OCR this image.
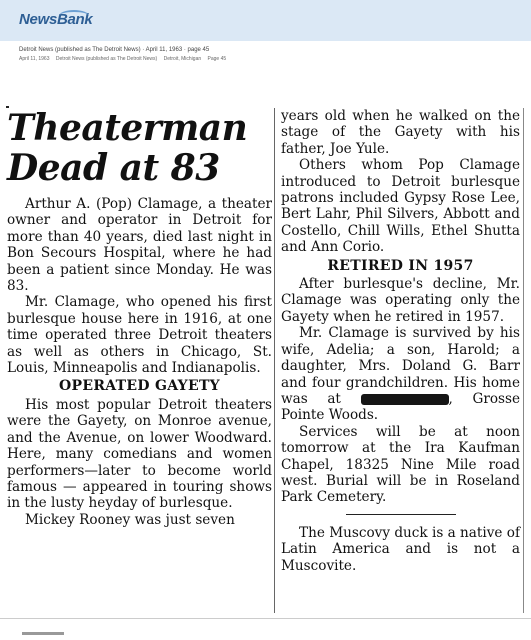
NewsBank
Detroit News (published as The Detroit News) · April 11, 1963 · page 45
April 11, 1963 Detroit News (published as The Detroit News) Detroit, Michigan Page 45
Theaterman
Dead at 83

Arthur A. (Pop) Clamage, a theater owner and operator in Detroit for more than 40 years, died last night in Bon Secours Hospital, where he had been a patient since Monday. He was 83.

Mr. Clamage, who opened his first burlesque house here in 1916, at one time operated three Detroit theaters as well as others in Chicago, St. Louis, Minneapolis and Indianapolis.

OPERATED GAYETY

His most popular Detroit theaters were the Gayety, on Monroe avenue, and the Avenue, on lower Woodward. Here, many comedians and women performers—later to become world famous — appeared in touring shows in the lusty heyday of burlesque.

Mickey Rooney was just seven

years old when he walked on the stage of the Gayety with his father, Joe Yule.

Others whom Pop Clamage introduced to Detroit burlesque patrons included Gypsy Rose Lee, Bert Lahr, Phil Silvers, Abbott and Costello, Chill Wills, Ethel Shutta and Ann Corio.

RETIRED IN 1957

After burlesque's decline, Mr. Clamage was operating only the Gayety when he retired in 1957.

Mr. Clamage is survived by his wife, Adelia; a son, Harold; a daughter, Mrs. Doland G. Barr and four grandchildren. His home was at	, Grosse Pointe Woods.

Services will be at noon tomorrow at the Ira Kaufman Chapel, 18325 Nine Mile road west. Burial will be in Roseland Park Cemetery.

The Muscovy duck is a native of Latin America and is not a Muscovite.
